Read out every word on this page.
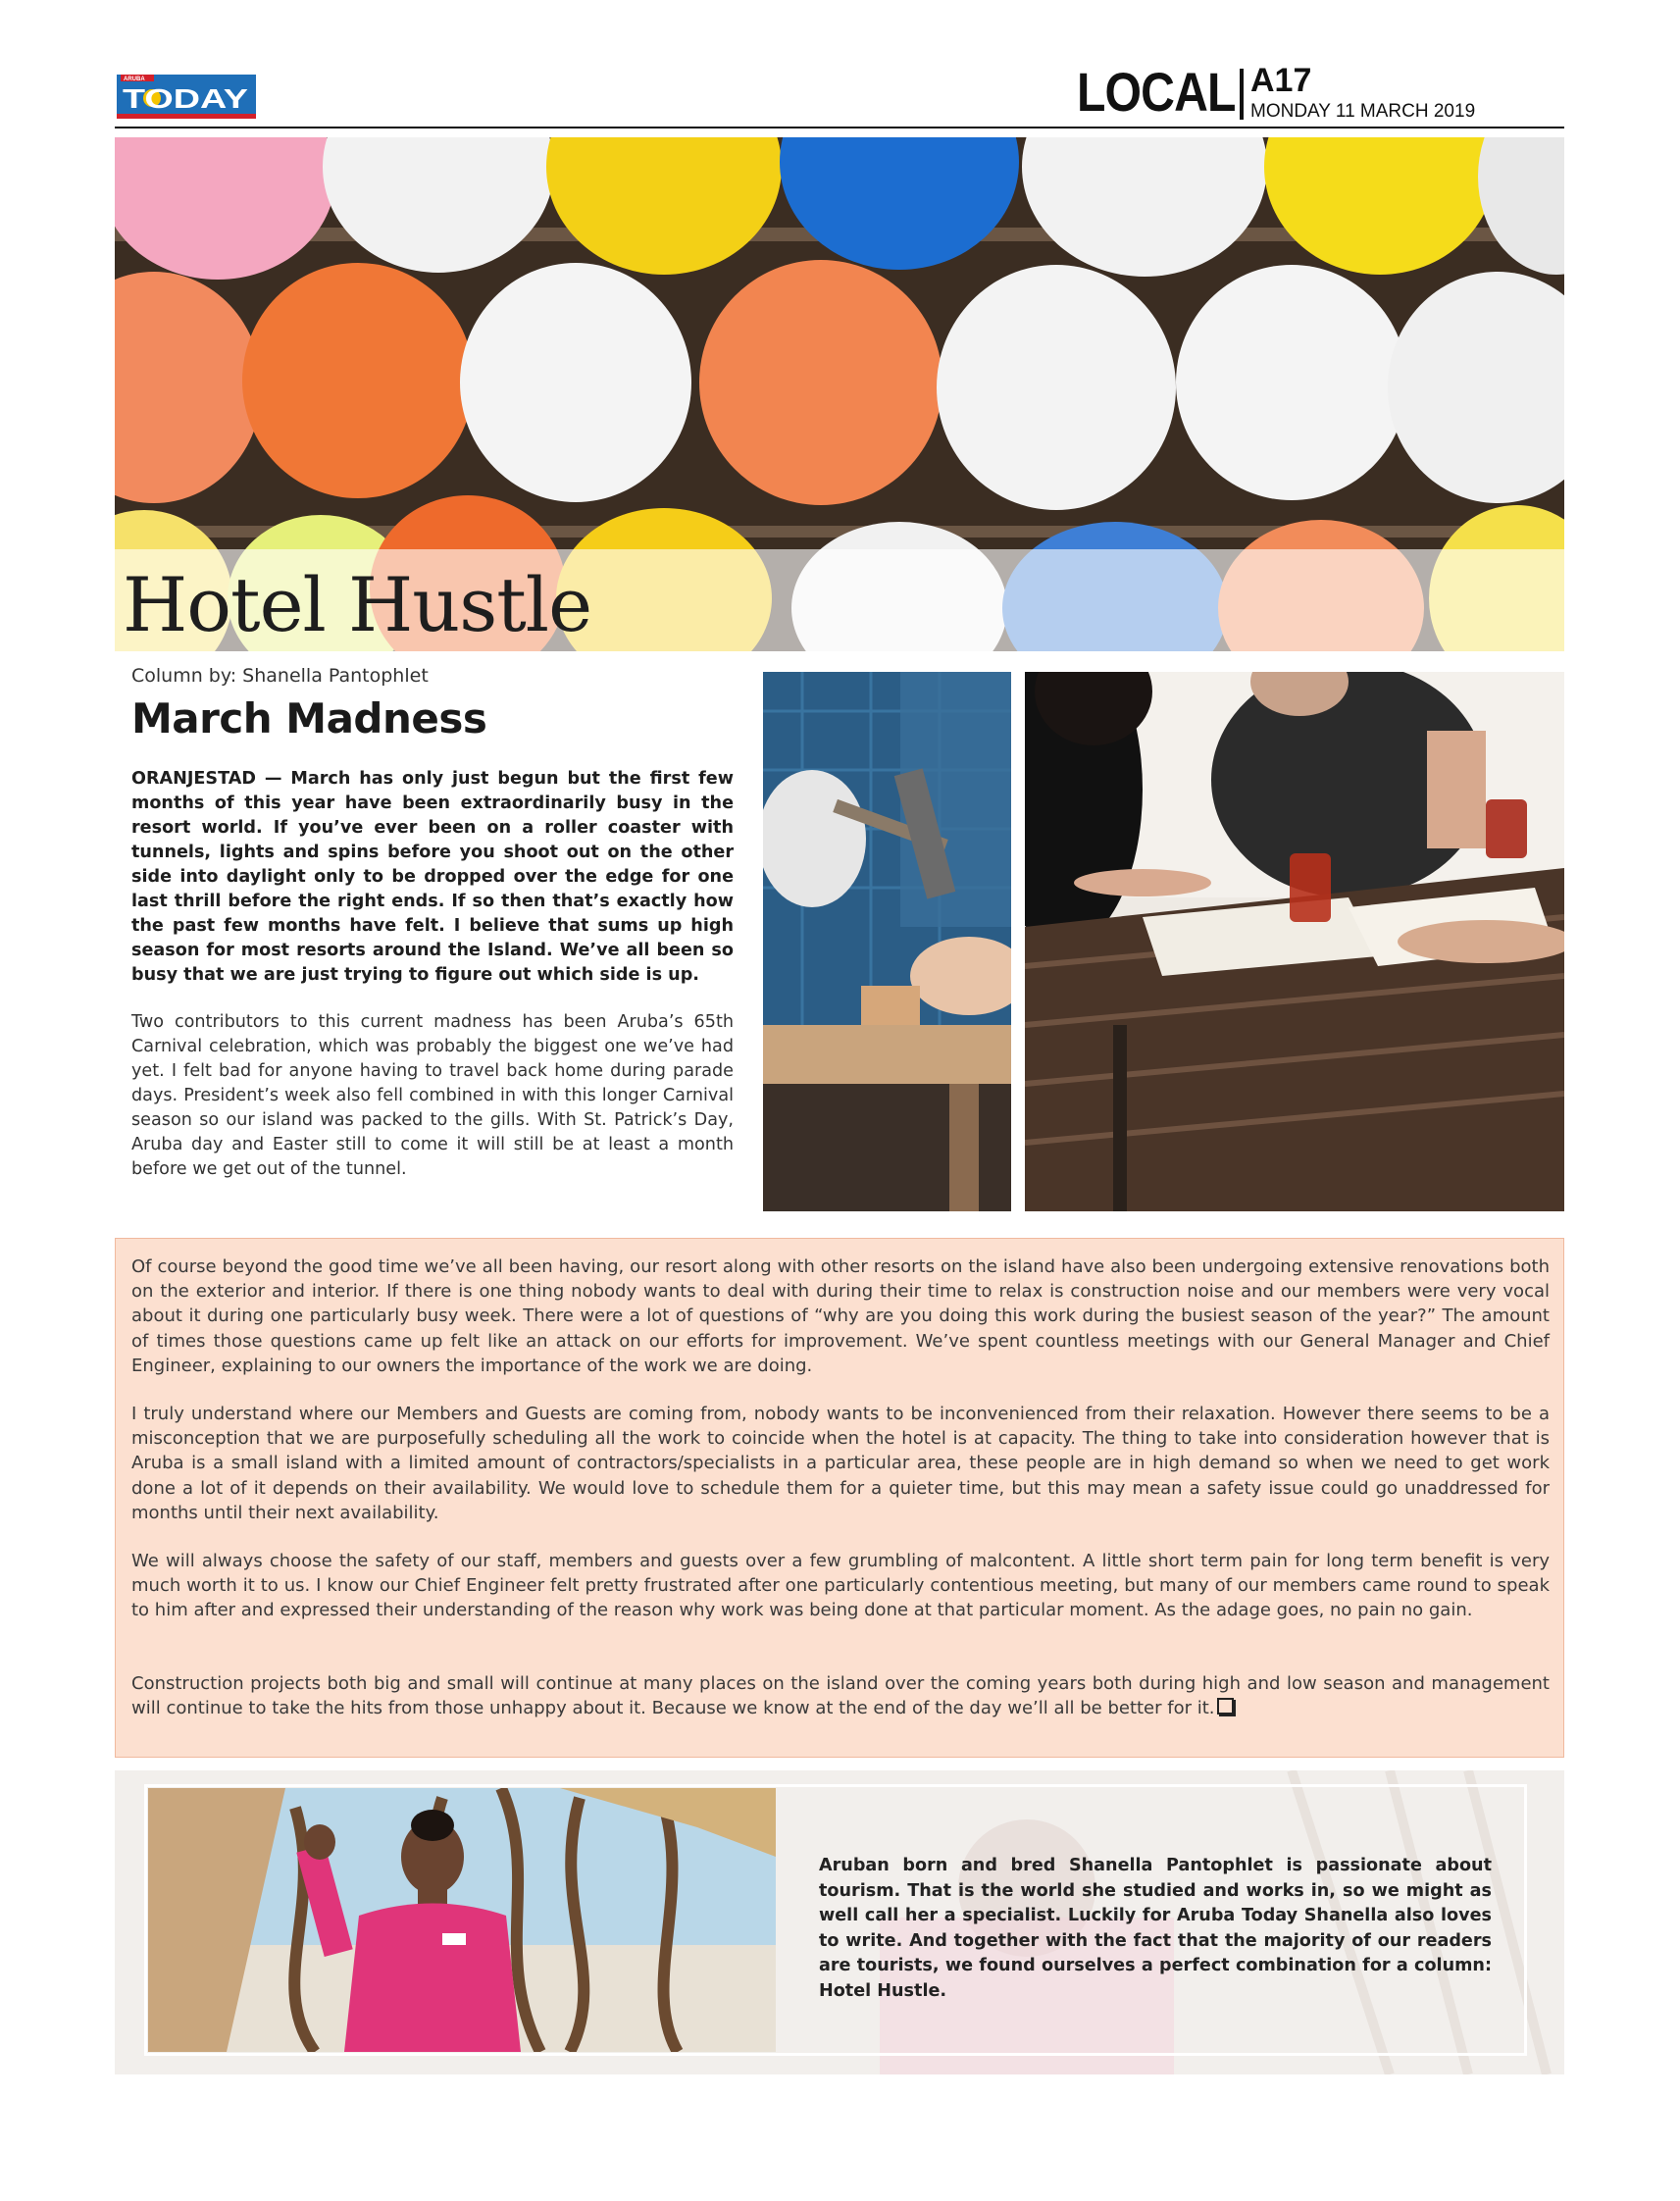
ARUBA
TODAY	LOCAL A17
MONDAY 11 MARCH 2019
Hotel Hustle
Column by: Shanella Pantophlet
March Madness
ORANJESTAD — March has only just begun but the first few months of this year have been extraordinarily busy in the resort world. If you’ve ever been on a roller coaster with tunnels, lights and spins before you shoot out on the other side into daylight only to be dropped over the edge for one last thrill before the right ends. If so then that’s exactly how the past few months have felt. I believe that sums up high season for most resorts around the Island. We’ve all been so busy that we are just trying to figure out which side is up.
Two contributors to this current madness has been Aruba’s 65th Carnival celebration, which was probably the biggest one we’ve had yet. I felt bad for anyone having to travel back home during parade days. President’s week also fell combined in with this longer Carnival season so our island was packed to the gills. With St. Patrick’s Day, Aruba day and Easter still to come it will still be at least a month before we get out of the tunnel.
Of course beyond the good time we’ve all been having, our resort along with other resorts on the island have also been undergoing extensive renovations both on the exterior and interior. If there is one thing nobody wants to deal with during their time to relax is construction noise and our members were very vocal about it during one particularly busy week. There were a lot of questions of “why are you doing this work during the busiest season of the year?” The amount of times those questions came up felt like an attack on our efforts for improvement. We’ve spent countless meetings with our General Manager and Chief Engineer, explaining to our owners the importance of the work we are doing.
I truly understand where our Members and Guests are coming from, nobody wants to be inconvenienced from their relaxation. However there seems to be a misconception that we are purposefully scheduling all the work to coincide when the hotel is at capacity. The thing to take into consideration however that is Aruba is a small island with a limited amount of contractors/specialists in a particular area, these people are in high demand so when we need to get work done a lot of it depends on their availability. We would love to schedule them for a quieter time, but this may mean a safety issue could go unaddressed for months until their next availability.
We will always choose the safety of our staff, members and guests over a few grumbling of malcontent. A little short term pain for long term benefit is very much worth it to us. I know our Chief Engineer felt pretty frustrated after one particularly contentious meeting, but many of our members came round to speak to him after and expressed their understanding of the reason why work was being done at that particular moment. As the adage goes, no pain no gain.
Construction projects both big and small will continue at many places on the island over the coming years both during high and low season and management will continue to take the hits from those unhappy about it. Because we know at the end of the day we’ll all be better for it.
Aruban born and bred Shanella Pantophlet is passionate about tourism. That is the world she studied and works in, so we might as well call her a specialist. Luckily for Aruba Today Shanella also loves to write. And together with the fact that the majority of our readers are tourists, we found ourselves a perfect combination for a column: Hotel Hustle.
